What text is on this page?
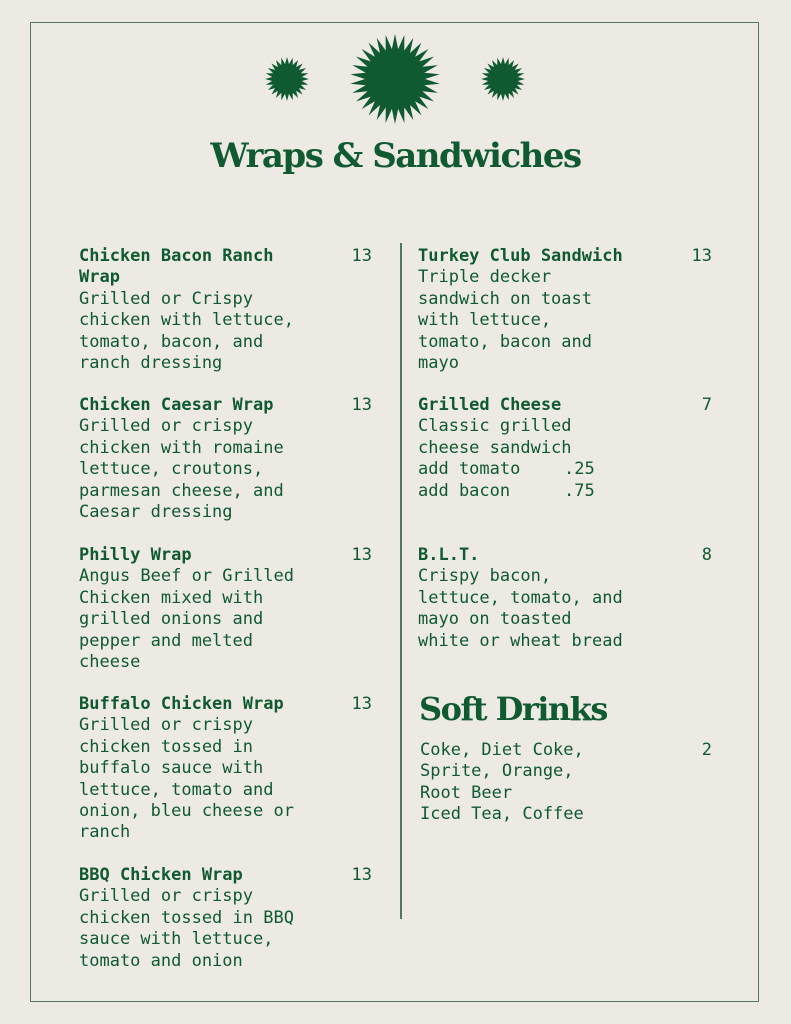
Wraps & Sandwiches
Chicken Bacon Ranch
Wrap
Grilled or Crispy
chicken with lettuce,
tomato, bacon, and
ranch dressing
13
Chicken Caesar Wrap
Grilled or crispy
chicken with romaine
lettuce, croutons,
parmesan cheese, and
Caesar dressing
13
Philly Wrap
Angus Beef or Grilled
Chicken mixed with
grilled onions and
pepper and melted
cheese
13
Buffalo Chicken Wrap
Grilled or crispy
chicken tossed in
buffalo sauce with
lettuce, tomato and
onion, bleu cheese or
ranch
13
BBQ Chicken Wrap
Grilled or crispy
chicken tossed in BBQ
sauce with lettuce,
tomato and onion
13
Turkey Club Sandwich
Triple decker
sandwich on toast
with lettuce,
tomato, bacon and
mayo
13
Grilled Cheese
Classic grilled
cheese sandwich
add tomato	.25
add bacon	.75
7
B.L.T.
Crispy bacon,
lettuce, tomato, and
mayo on toasted
white or wheat bread
8
Soft Drinks
Coke, Diet Coke,
Sprite, Orange,
Root Beer
Iced Tea, Coffee
2
